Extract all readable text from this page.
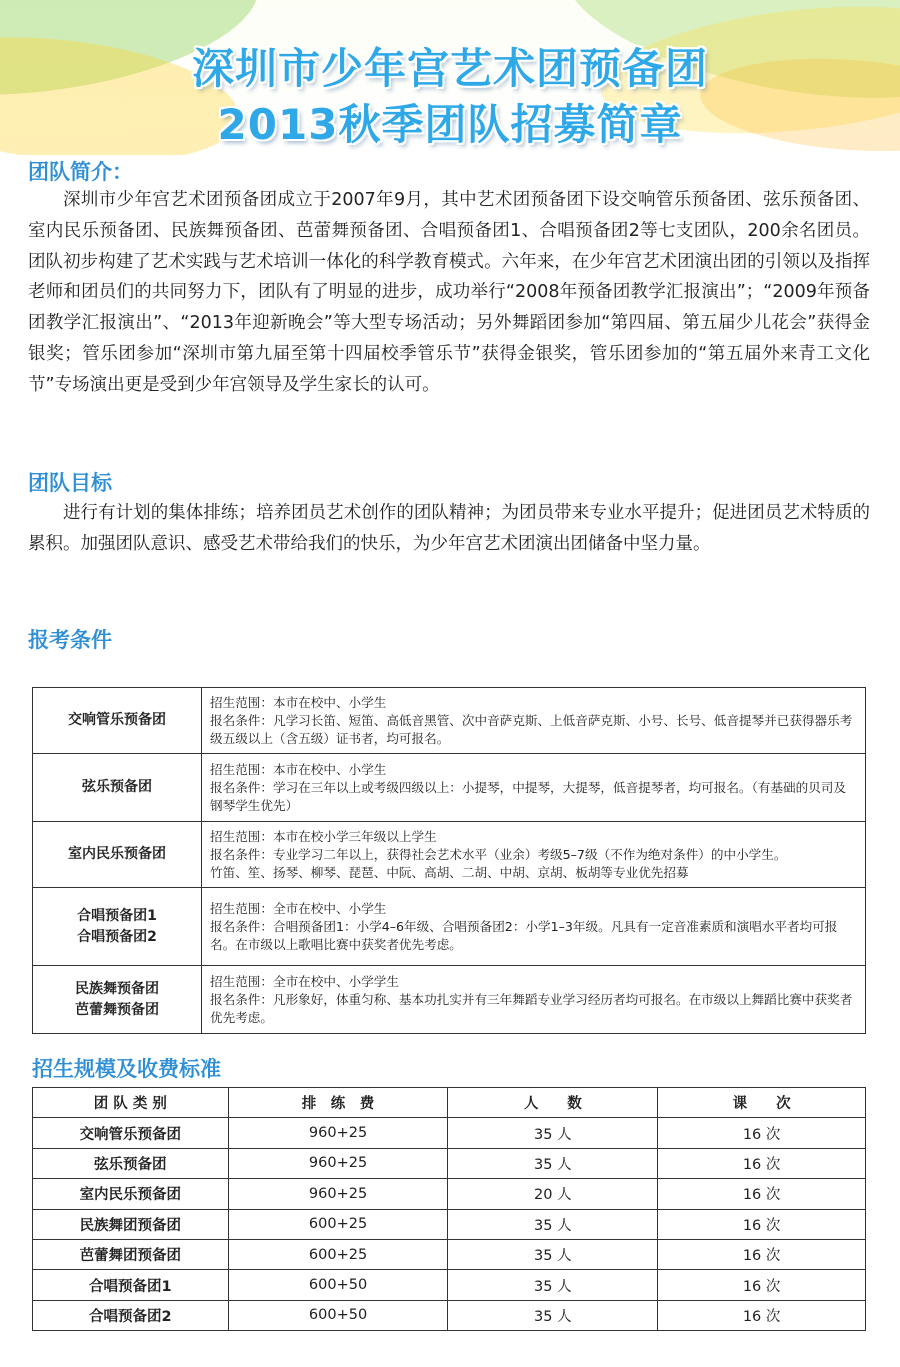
深圳市少年宫艺术团预备团
2013秋季团队招募简章
团队简介：
深圳市少年宫艺术团预备团成立于2007年9月，其中艺术团预备团下设交响管乐预备团、弦乐预备团、室内民乐预备团、民族舞预备团、芭蕾舞预备团、合唱预备团1、合唱预备团2等七支团队，200余名团员。团队初步构建了艺术实践与艺术培训一体化的科学教育模式。六年来，在少年宫艺术团演出团的引领以及指挥老师和团员们的共同努力下，团队有了明显的进步，成功举行“2008年预备团教学汇报演出”；“2009年预备团教学汇报演出”、“2013年迎新晚会”等大型专场活动；另外舞蹈团参加“第四届、第五届少儿花会”获得金银奖；管乐团参加“深圳市第九届至第十四届校季管乐节”获得金银奖，管乐团参加的“第五届外来青工文化节”专场演出更是受到少年宫领导及学生家长的认可。
团队目标
进行有计划的集体排练；培养团员艺术创作的团队精神；为团员带来专业水平提升；促进团员艺术特质的累积。加强团队意识、感受艺术带给我们的快乐，为少年宫艺术团演出团储备中坚力量。
报考条件
交响管乐预备团	招生范围：本市在校中、小学生
报名条件：凡学习长笛、短笛、高低音黑管、次中音萨克斯、上低音萨克斯、小号、长号、低音提琴并已获得器乐考级五级以上（含五级）证书者，均可报名。

弦乐预备团	招生范围：本市在校中、小学生
报名条件：学习在三年以上或考级四级以上：小提琴，中提琴，大提琴，低音提琴者，均可报名。（有基础的贝司及钢琴学生优先）

室内民乐预备团	招生范围：本市在校小学三年级以上学生
报名条件：专业学习二年以上，获得社会艺术水平（业余）考级5–7级（不作为绝对条件）的中小学生。
竹笛、笙、扬琴、柳琴、琵琶、中阮、高胡、二胡、中胡、京胡、板胡等专业优先招募

合唱预备团1
合唱预备团2	招生范围：全市在校中、小学生
报名条件：合唱预备团1：小学4–6年级、合唱预备团2：小学1–3年级。凡具有一定音准素质和演唱水平者均可报名。在市级以上歌唱比赛中获奖者优先考虑。

民族舞预备团
芭蕾舞预备团	招生范围：全市在校中、小学学生
报名条件：凡形象好，体重匀称、基本功扎实并有三年舞蹈专业学习经历者均可报名。在市级以上舞蹈比赛中获奖者优先考虑。
招生规模及收费标准
团 队 类 别	排　练　费	人　　数	课　　次
交响管乐预备团	960+25	35 人	16 次
弦乐预备团	960+25	35 人	16 次
室内民乐预备团	960+25	20 人	16 次
民族舞团预备团	600+25	35 人	16 次
芭蕾舞团预备团	600+25	35 人	16 次
合唱预备团1	600+50	35 人	16 次
合唱预备团2	600+50	35 人	16 次
